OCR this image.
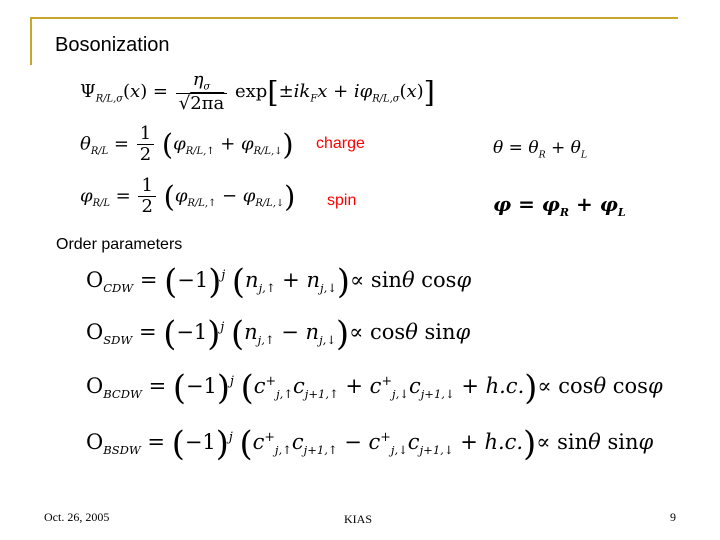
Bosonization
$\Psi_{R/L,\sigma}(x) = \frac{\eta_\sigma}{√2\pi a} \exp[\pm ik_Fx + i\varphi_{R/L,\sigma}(x)]$
$\theta_{R/L} = \frac{1}{2} (\varphi_{R/L,↑} + \varphi_{R/L,↓})$ charge	$\theta = \theta_R + \theta_L$
$\varphi_{R/L} = \frac{1}{2} (\varphi_{R/L,↑} - \varphi_{R/L,↓})$ spin	$\varphi = \varphi_R + \varphi_L$
Order parameters
$O_{CDW} = (-1)^j$ $(n_{j,↑} + n_{j,↓})\propto \sin\theta$ cosφ
$O_{SDW} = (-1)^j$ $(n_{j,↑} - n_{j,↓})\propto \cos\theta$ sinφ
$O_{BCDW} = (-1)^j$ $(c^+_{j,↑}c_{j+1,↑} + c^+_{j,↓}c_{j+1,↓} + h.c.)\propto \cos\theta$ cosφ
$O_{BSDW} = (-1)^j$ $(c^+_{j,↑}c_{j+1,↑} - c^+_{j,↓}c_{j+1,↓} + h.c.)\propto \sin\theta$ sinφ
Oct. 26, 2005	KIAS	9
